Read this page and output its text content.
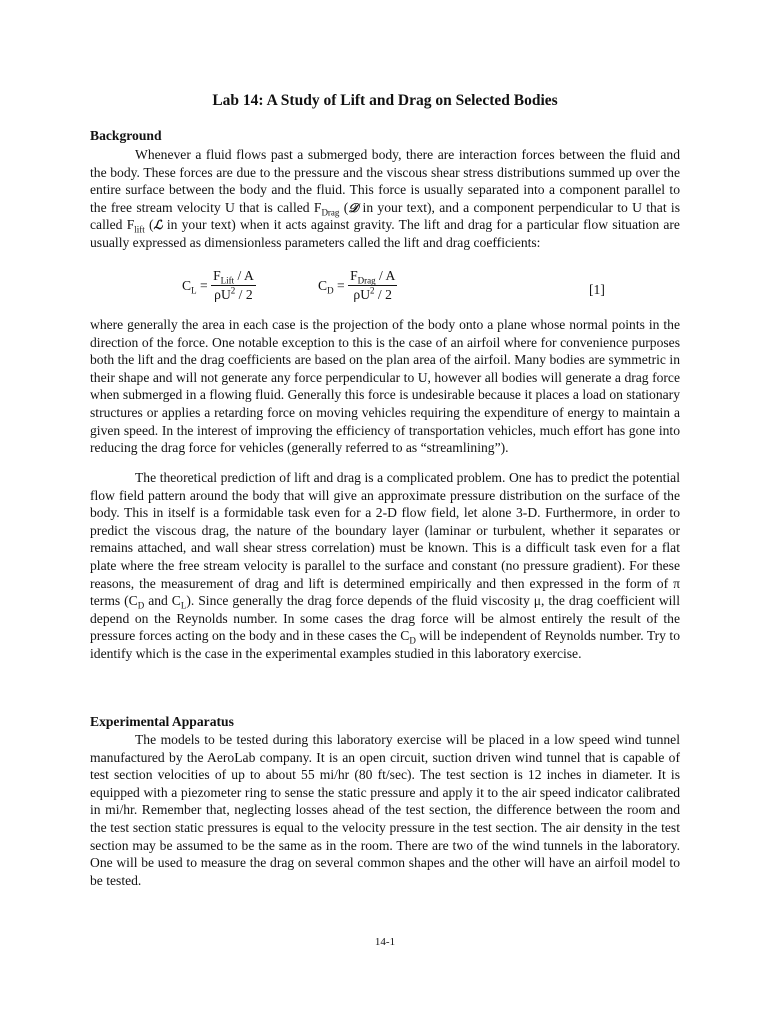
Lab 14: A Study of Lift and Drag on Selected Bodies
Background

Whenever a fluid flows past a submerged body, there are interaction forces between the fluid and the body. These forces are due to the pressure and the viscous shear stress distributions summed up over the entire surface between the body and the fluid. This force is usually separated into a component parallel to the free stream velocity U that is called $F_{Drag}$ (𝒟 in your text), and a component perpendicular to U that is called $F_{lift}$ (ℒ in your text) when it acts against gravity. The lift and drag for a particular flow situation are usually expressed as dimensionless parameters called the lift and drag coefficients:

$C_L = \frac{F_{Lift} / A}{\rho U^2 / 2}$	$C_D = \frac{F_{Drag} / A}{\rho U^2 / 2}$	[1]

where generally the area in each case is the projection of the body onto a plane whose normal points in the direction of the force. One notable exception to this is the case of an airfoil where for convenience purposes both the lift and the drag coefficients are based on the plan area of the airfoil. Many bodies are symmetric in their shape and will not generate any force perpendicular to U, however all bodies will generate a drag force when submerged in a flowing fluid. Generally this force is undesirable because it places a load on stationary structures or applies a retarding force on moving vehicles requiring the expenditure of energy to maintain a given speed. In the interest of improving the efficiency of transportation vehicles, much effort has gone into reducing the drag force for vehicles (generally referred to as “streamlining”).

The theoretical prediction of lift and drag is a complicated problem. One has to predict the potential flow field pattern around the body that will give an approximate pressure distribution on the surface of the body. This in itself is a formidable task even for a 2-D flow field, let alone 3-D. Furthermore, in order to predict the viscous drag, the nature of the boundary layer (laminar or turbulent, whether it separates or remains attached, and wall shear stress correlation) must be known. This is a difficult task even for a flat plate where the free stream velocity is parallel to the surface and constant (no pressure gradient). For these reasons, the measurement of drag and lift is determined empirically and then expressed in the form of π terms ($C_D$ and $C_L$). Since generally the drag force depends of the fluid viscosity μ, the drag coefficient will depend on the Reynolds number. In some cases the drag force will be almost entirely the result of the pressure forces acting on the body and in these cases the $C_D$ will be independent of Reynolds number. Try to identify which is the case in the experimental examples studied in this laboratory exercise.

Experimental Apparatus

The models to be tested during this laboratory exercise will be placed in a low speed wind tunnel manufactured by the AeroLab company. It is an open circuit, suction driven wind tunnel that is capable of test section velocities of up to about 55 mi/hr (80 ft/sec). The test section is 12 inches in diameter. It is equipped with a piezometer ring to sense the static pressure and apply it to the air speed indicator calibrated in mi/hr. Remember that, neglecting losses ahead of the test section, the difference between the room and the test section static pressures is equal to the velocity pressure in the test section. The air density in the test section may be assumed to be the same as in the room. There are two of the wind tunnels in the laboratory. One will be used to measure the drag on several common shapes and the other will have an airfoil model to be tested.

14-1
